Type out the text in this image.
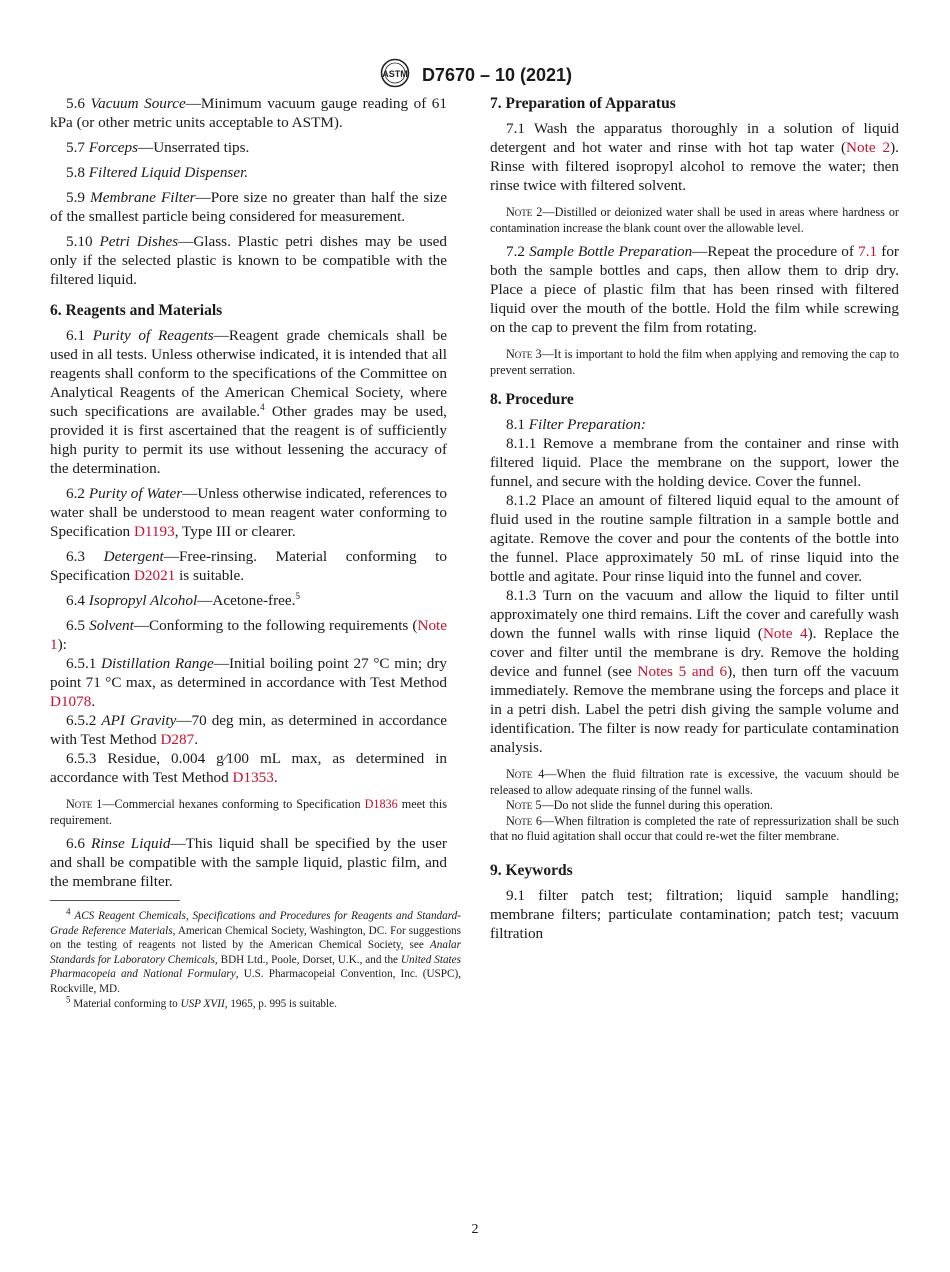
ASTM D7670 – 10 (2021)

5.6 Vacuum Source—Minimum vacuum gauge reading of 61 kPa (or other metric units acceptable to ASTM).

5.7 Forceps—Unserrated tips.

5.8 Filtered Liquid Dispenser.

5.9 Membrane Filter—Pore size no greater than half the size of the smallest particle being considered for measurement.

5.10 Petri Dishes—Glass. Plastic petri dishes may be used only if the selected plastic is known to be compatible with the filtered liquid.

6. Reagents and Materials

6.1 Purity of Reagents—Reagent grade chemicals shall be used in all tests. Unless otherwise indicated, it is intended that all reagents shall conform to the specifications of the Committee on Analytical Reagents of the American Chemical Society, where such specifications are available.$^4$ Other grades may be used, provided it is first ascertained that the reagent is of sufficiently high purity to permit its use without lessening the accuracy of the determination.

6.2 Purity of Water—Unless otherwise indicated, references to water shall be understood to mean reagent water conforming to Specification D1193, Type III or clearer.

6.3 Detergent—Free-rinsing. Material conforming to Specification D2021 is suitable.

6.4 Isopropyl Alcohol—Acetone-free.$^5$

6.5 Solvent—Conforming to the following requirements (Note 1):

6.5.1 Distillation Range—Initial boiling point 27 °C min; dry point 71 °C max, as determined in accordance with Test Method D1078.

6.5.2 API Gravity—70 deg min, as determined in accordance with Test Method D287.

6.5.3 Residue, 0.004 g⁄100 mL max, as determined in accordance with Test Method D1353.

Note 1—Commercial hexanes conforming to Specification D1836 meet this requirement.

6.6 Rinse Liquid—This liquid shall be specified by the user and shall be compatible with the sample liquid, plastic film, and the membrane filter.

$^4$ ACS Reagent Chemicals, Specifications and Procedures for Reagents and Standard-Grade Reference Materials, American Chemical Society, Washington, DC. For suggestions on the testing of reagents not listed by the American Chemical Society, see Analar Standards for Laboratory Chemicals, BDH Ltd., Poole, Dorset, U.K., and the United States Pharmacopeia and National Formulary, U.S. Pharmacopeial Convention, Inc. (USPC), Rockville, MD.

$^5$ Material conforming to USP XVII, 1965, p. 995 is suitable.

7. Preparation of Apparatus

7.1 Wash the apparatus thoroughly in a solution of liquid detergent and hot water and rinse with hot tap water (Note 2). Rinse with filtered isopropyl alcohol to remove the water; then rinse twice with filtered solvent.

Note 2—Distilled or deionized water shall be used in areas where hardness or contamination increase the blank count over the allowable level.

7.2 Sample Bottle Preparation—Repeat the procedure of 7.1 for both the sample bottles and caps, then allow them to drip dry. Place a piece of plastic film that has been rinsed with filtered liquid over the mouth of the bottle. Hold the film while screwing on the cap to prevent the film from rotating.

Note 3—It is important to hold the film when applying and removing the cap to prevent serration.

8. Procedure

8.1 Filter Preparation:

8.1.1 Remove a membrane from the container and rinse with filtered liquid. Place the membrane on the support, lower the funnel, and secure with the holding device. Cover the funnel.

8.1.2 Place an amount of filtered liquid equal to the amount of fluid used in the routine sample filtration in a sample bottle and agitate. Remove the cover and pour the contents of the bottle into the funnel. Place approximately 50 mL of rinse liquid into the bottle and agitate. Pour rinse liquid into the funnel and cover.

8.1.3 Turn on the vacuum and allow the liquid to filter until approximately one third remains. Lift the cover and carefully wash down the funnel walls with rinse liquid (Note 4). Replace the cover and filter until the membrane is dry. Remove the holding device and funnel (see Notes 5 and 6), then turn off the vacuum immediately. Remove the membrane using the forceps and place it in a petri dish. Label the petri dish giving the sample volume and identification. The filter is now ready for particulate contamination analysis.

Note 4—When the fluid filtration rate is excessive, the vacuum should be released to allow adequate rinsing of the funnel walls.

Note 5—Do not slide the funnel during this operation.

Note 6—When filtration is completed the rate of repressurization shall be such that no fluid agitation shall occur that could re-wet the filter membrane.

9. Keywords

9.1 filter patch test; filtration; liquid sample handling; membrane filters; particulate contamination; patch test; vacuum filtration

2
